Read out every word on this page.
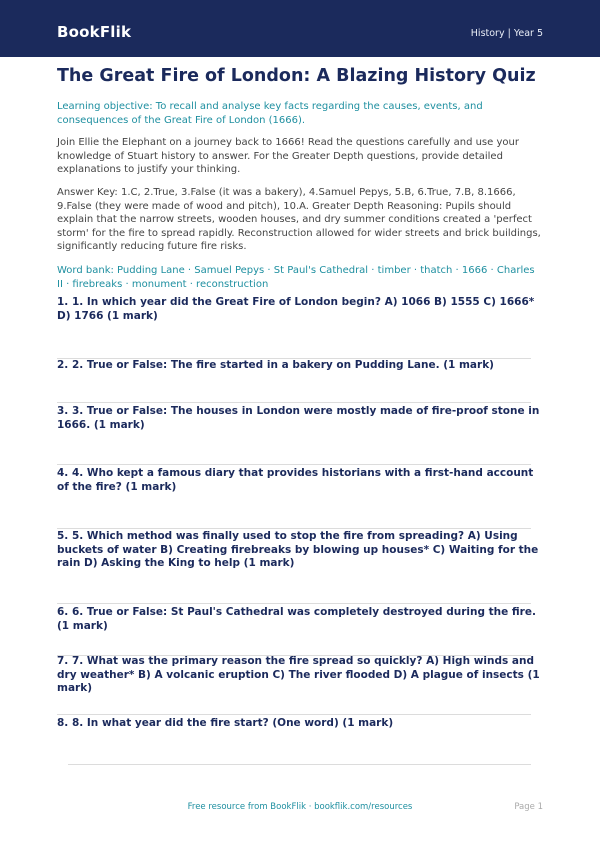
BookFlik	History | Year 5
The Great Fire of London: A Blazing History Quiz
Learning objective: To recall and analyse key facts regarding the causes, events, and consequences of the Great Fire of London (1666).
Join Ellie the Elephant on a journey back to 1666! Read the questions carefully and use your knowledge of Stuart history to answer. For the Greater Depth questions, provide detailed explanations to justify your thinking.
Answer Key: 1.C, 2.True, 3.False (it was a bakery), 4.Samuel Pepys, 5.B, 6.True, 7.B, 8.1666, 9.False (they were made of wood and pitch), 10.A. Greater Depth Reasoning: Pupils should explain that the narrow streets, wooden houses, and dry summer conditions created a 'perfect storm' for the fire to spread rapidly. Reconstruction allowed for wider streets and brick buildings, significantly reducing future fire risks.
Word bank: Pudding Lane · Samuel Pepys · St Paul's Cathedral · timber · thatch · 1666 · Charles II · firebreaks · monument · reconstruction
1. 1. In which year did the Great Fire of London begin? A) 1066 B) 1555 C) 1666* D) 1766 (1 mark)
2. 2. True or False: The fire started in a bakery on Pudding Lane. (1 mark)
3. 3. True or False: The houses in London were mostly made of fire-proof stone in 1666. (1 mark)
4. 4. Who kept a famous diary that provides historians with a first-hand account of the fire? (1 mark)
5. 5. Which method was finally used to stop the fire from spreading? A) Using buckets of water B) Creating firebreaks by blowing up houses* C) Waiting for the rain D) Asking the King to help (1 mark)
6. 6. True or False: St Paul's Cathedral was completely destroyed during the fire. (1 mark)
7. 7. What was the primary reason the fire spread so quickly? A) High winds and dry weather* B) A volcanic eruption C) The river flooded D) A plague of insects (1 mark)
8. 8. In what year did the fire start? (One word) (1 mark)
Free resource from BookFlik · bookflik.com/resources	Page 1
